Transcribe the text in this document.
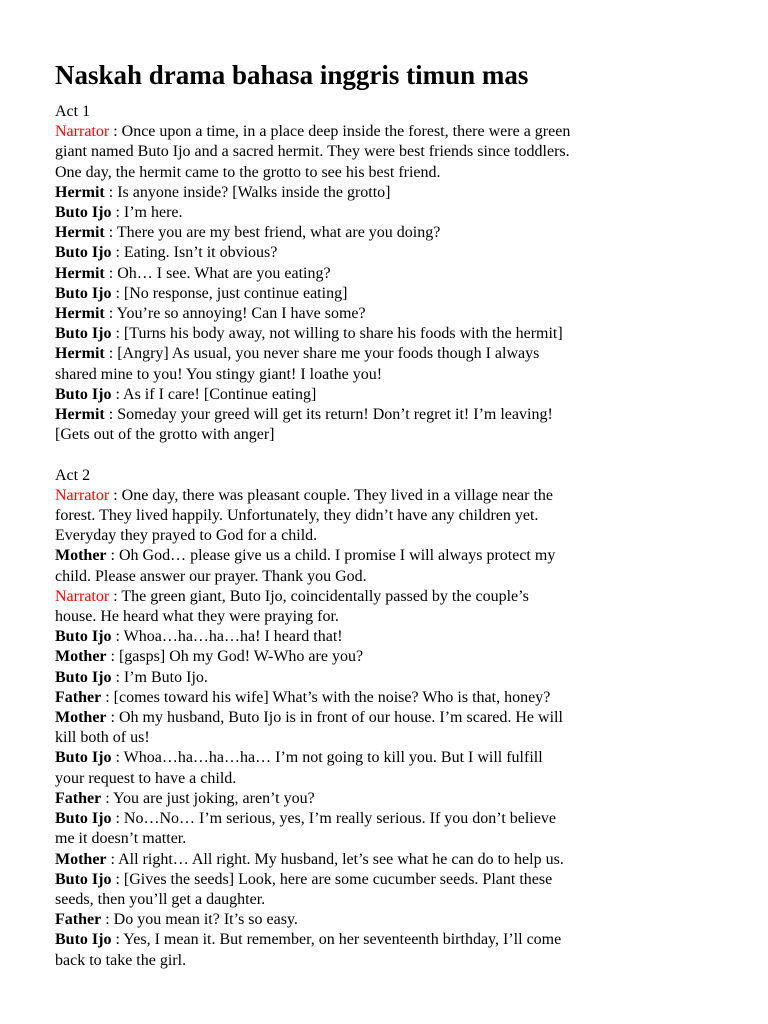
Naskah drama bahasa inggris timun mas
Act 1
Narrator : Once upon a time, in a place deep inside the forest, there were a green
giant named Buto Ijo and a sacred hermit. They were best friends since toddlers.
One day, the hermit came to the grotto to see his best friend.
Hermit : Is anyone inside? [Walks inside the grotto]
Buto Ijo : I’m here.
Hermit : There you are my best friend, what are you doing?
Buto Ijo : Eating. Isn’t it obvious?
Hermit : Oh… I see. What are you eating?
Buto Ijo : [No response, just continue eating]
Hermit : You’re so annoying! Can I have some?
Buto Ijo : [Turns his body away, not willing to share his foods with the hermit]
Hermit : [Angry] As usual, you never share me your foods though I always
shared mine to you! You stingy giant! I loathe you!
Buto Ijo : As if I care! [Continue eating]
Hermit : Someday your greed will get its return! Don’t regret it! I’m leaving!
[Gets out of the grotto with anger]
Act 2
Narrator : One day, there was pleasant couple. They lived in a village near the
forest. They lived happily. Unfortunately, they didn’t have any children yet.
Everyday they prayed to God for a child.
Mother : Oh God… please give us a child. I promise I will always protect my
child. Please answer our prayer. Thank you God.
Narrator : The green giant, Buto Ijo, coincidentally passed by the couple’s
house. He heard what they were praying for.
Buto Ijo : Whoa…ha…ha…ha! I heard that!
Mother : [gasps] Oh my God! W-Who are you?
Buto Ijo : I’m Buto Ijo.
Father : [comes toward his wife] What’s with the noise? Who is that, honey?
Mother : Oh my husband, Buto Ijo is in front of our house. I’m scared. He will
kill both of us!
Buto Ijo : Whoa…ha…ha…ha… I’m not going to kill you. But I will fulfill
your request to have a child.
Father : You are just joking, aren’t you?
Buto Ijo : No…No… I’m serious, yes, I’m really serious. If you don’t believe
me it doesn’t matter.
Mother : All right… All right. My husband, let’s see what he can do to help us.
Buto Ijo : [Gives the seeds] Look, here are some cucumber seeds. Plant these
seeds, then you’ll get a daughter.
Father : Do you mean it? It’s so easy.
Buto Ijo : Yes, I mean it. But remember, on her seventeenth birthday, I’ll come
back to take the girl.
